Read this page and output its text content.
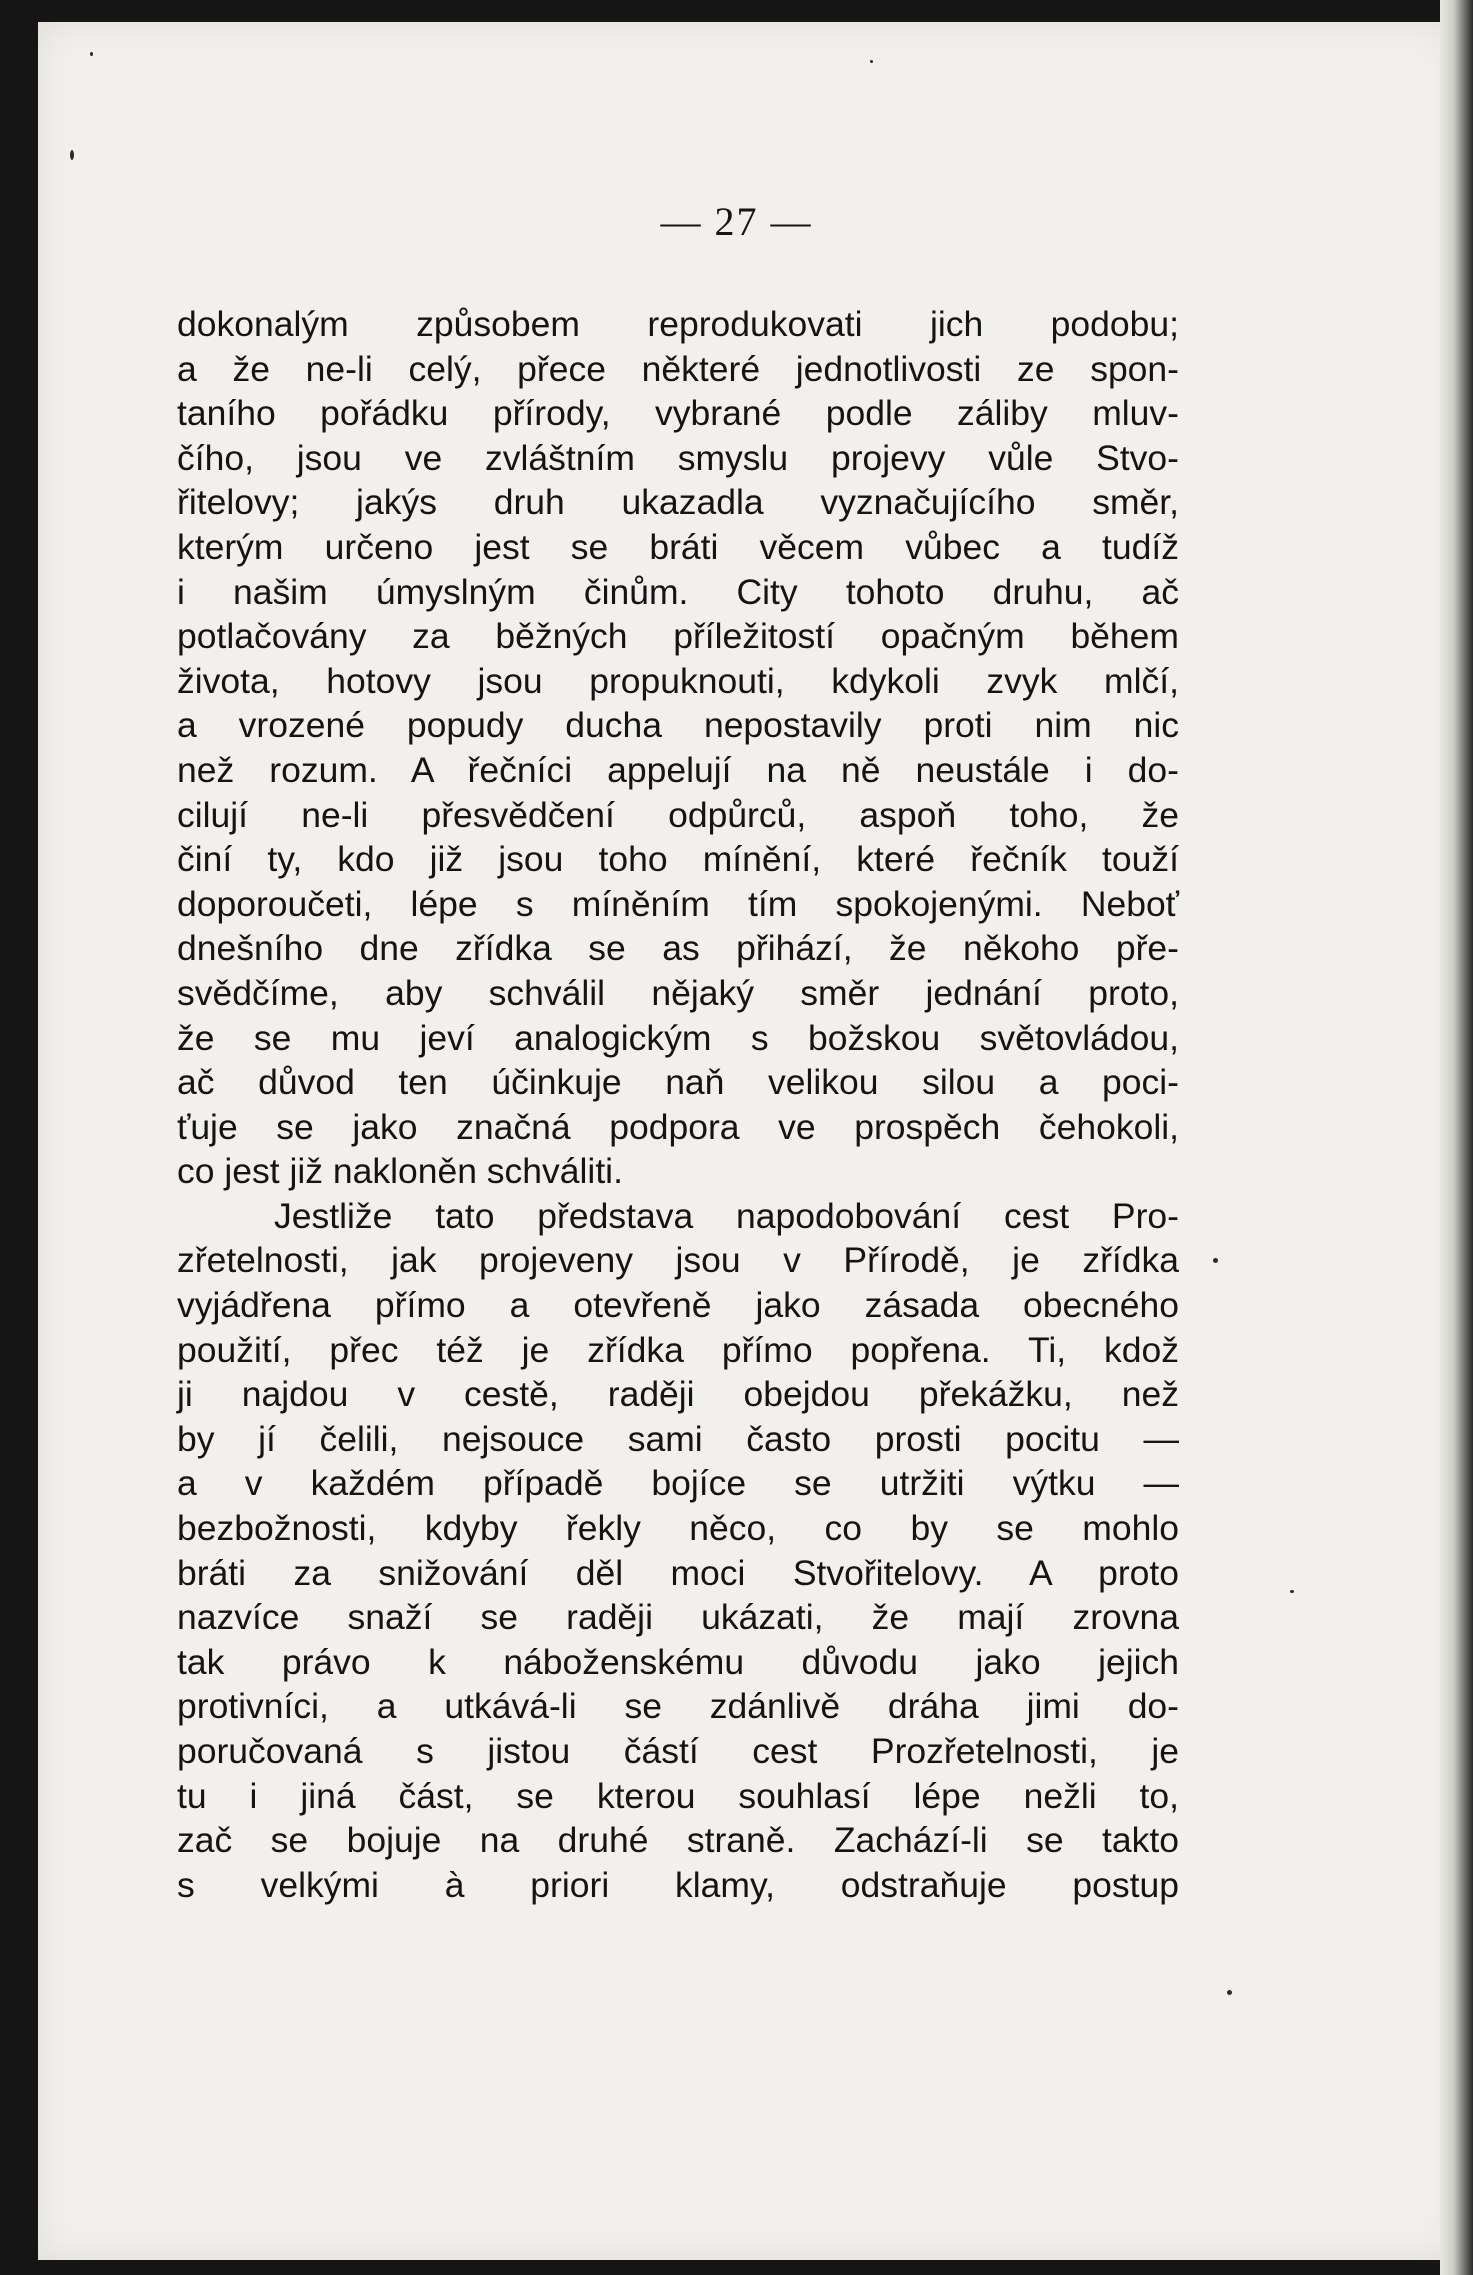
— 27 —
dokonalým způsobem reprodukovati jich podobu;
a že ne-li celý, přece některé jednotlivosti ze spon-
taního pořádku přírody, vybrané podle záliby mluv-
čího, jsou ve zvláštním smyslu projevy vůle Stvo-
řitelovy; jakýs druh ukazadla vyznačujícího směr,
kterým určeno jest se bráti věcem vůbec a tudíž
i našim úmyslným činům. City tohoto druhu, ač
potlačovány za běžných příležitostí opačným během
života, hotovy jsou propuknouti, kdykoli zvyk mlčí,
a vrozené popudy ducha nepostavily proti nim nic
než rozum. A řečníci appelují na ně neustále i do-
cilují ne-li přesvědčení odpůrců, aspoň toho, že
činí ty, kdo již jsou toho mínění, které řečník touží
doporoučeti, lépe s míněním tím spokojenými. Neboť
dnešního dne zřídka se as přihází, že někoho pře-
svědčíme, aby schválil nějaký směr jednání proto,
že se mu jeví analogickým s božskou světovládou,
ač důvod ten účinkuje naň velikou silou a poci-
ťuje se jako značná podpora ve prospěch čehokoli,
co jest již nakloněn schváliti.
Jestliže tato představa napodobování cest Pro-
zřetelnosti, jak projeveny jsou v Přírodě, je zřídka
vyjádřena přímo a otevřeně jako zásada obecného
použití, přec též je zřídka přímo popřena. Ti, kdož
ji najdou v cestě, raději obejdou překážku, než
by jí čelili, nejsouce sami často prosti pocitu —
a v každém případě bojíce se utržiti výtku —
bezbožnosti, kdyby řekly něco, co by se mohlo
bráti za snižování děl moci Stvořitelovy. A proto
nazvíce snaží se raději ukázati, že mají zrovna
tak právo k náboženskému důvodu jako jejich
protivníci, a utkává-li se zdánlivě dráha jimi do-
poručovaná s jistou částí cest Prozřetelnosti, je
tu i jiná část, se kterou souhlasí lépe nežli to,
zač se bojuje na druhé straně. Zachází-li se takto
s velkými à priori klamy, odstraňuje postup
